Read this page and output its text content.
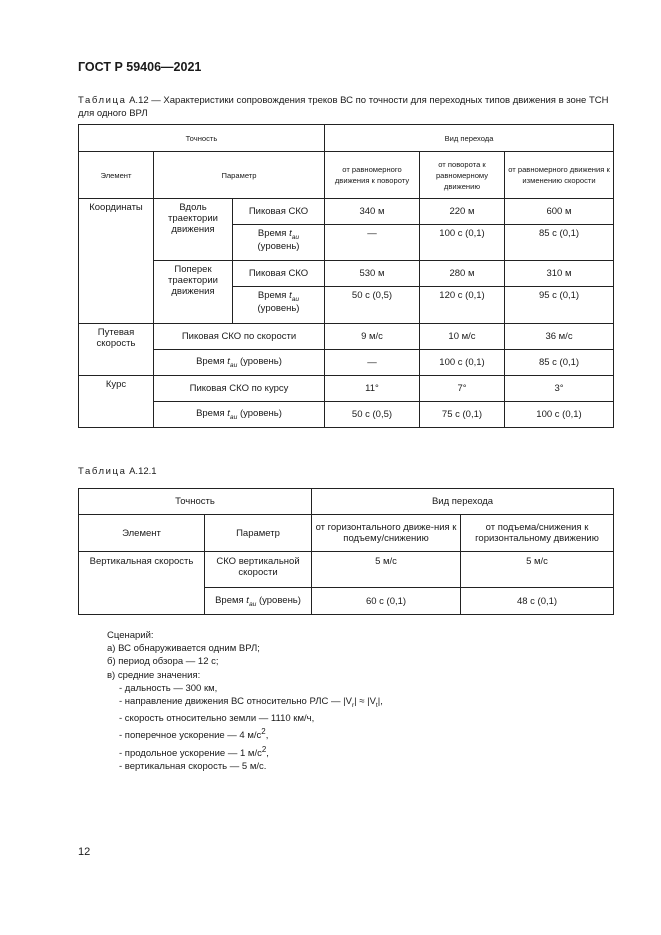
ГОСТ Р 59406—2021
Таблица А.12 — Характеристики сопровождения треков ВС по точности для переходных типов движения в зоне ТСН для одного ВРЛ
Точность			Вид перехода		
Элемент	Параметр		от равномерного движения к повороту	от поворота к равномерному движению	от равномерного движения к изменению скорости
Координаты	Вдоль траектории движения	Пиковая СКО	340 м	220 м	600 м
		Время $t_{au}$
(уровень)	—	100 с (0,1)	85 с (0,1)
	Поперек траектории движения	Пиковая СКО	530 м	280 м	310 м
		Время $t_{au}$
(уровень)	50 с (0,5)	120 с (0,1)	95 с (0,1)
Путевая скорость	Пиковая СКО по скорости		9 м/с	10 м/с	36 м/с
	Время $t_{au}$ (уровень)		—	100 с (0,1)	85 с (0,1)
Курс	Пиковая СКО по курсу		11°	7°	3°
	Время $t_{au}$ (уровень)		50 с (0,5)	75 с (0,1)	100 с (0,1)
Таблица А.12.1
Точность		Вид перехода	
Элемент	Параметр	от горизонтального движе-ния к подъему/снижению	от подъема/снижения к горизонтальному движению
Вертикальная скорость	СКО вертикальной скорости	5 м/с	5 м/с
	Время $t_{au}$ (уровень)	60 с (0,1)	48 с (0,1)
Сценарий:
а) ВС обнаруживается одним ВРЛ;
б) период обзора — 12 с;
в) средние значения:
- дальность — 300 км,
- направление движения ВС относительно РЛС — $|V_r| \approx |V_t|$,
- скорость относительно земли — 1110 км/ч,
- поперечное ускорение — 4 $м/с^2$,
- продольное ускорение — 1 $м/с^2$,
- вертикальная скорость — 5 м/с.
12
